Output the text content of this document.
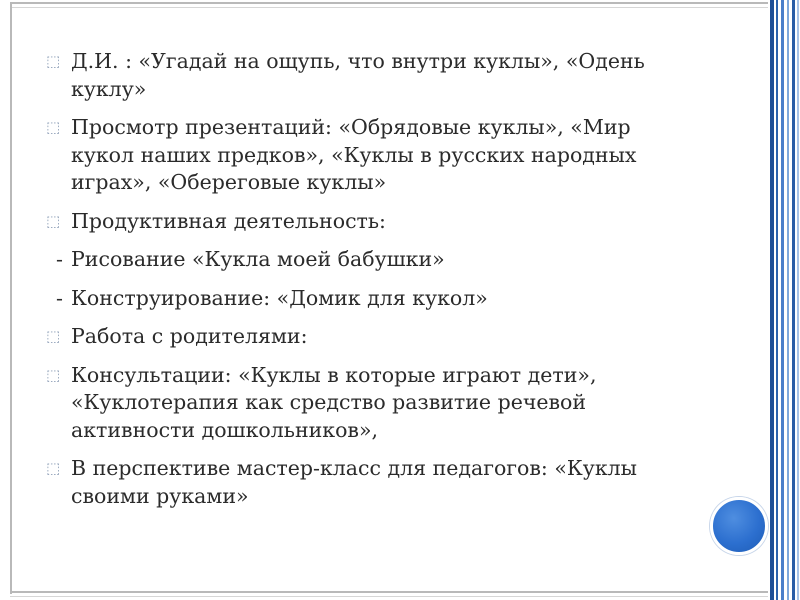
⬚ Д.И. : «Угадай на ощупь, что внутри куклы», «Одень куклу»
⬚ Просмотр презентаций: «Обрядовые куклы», «Мир кукол наших предков», «Куклы в русских народных играх», «Обереговые куклы»
⬚ Продуктивная деятельность:
- Рисование «Кукла моей бабушки»
- Конструирование: «Домик для кукол»
⬚ Работа с родителями:
⬚ Консультации: «Куклы в которые играют дети», «Куклотерапия как средство развитие речевой активности дошкольников»,
⬚ В перспективе мастер-класс для педагогов: «Куклы своими руками»
